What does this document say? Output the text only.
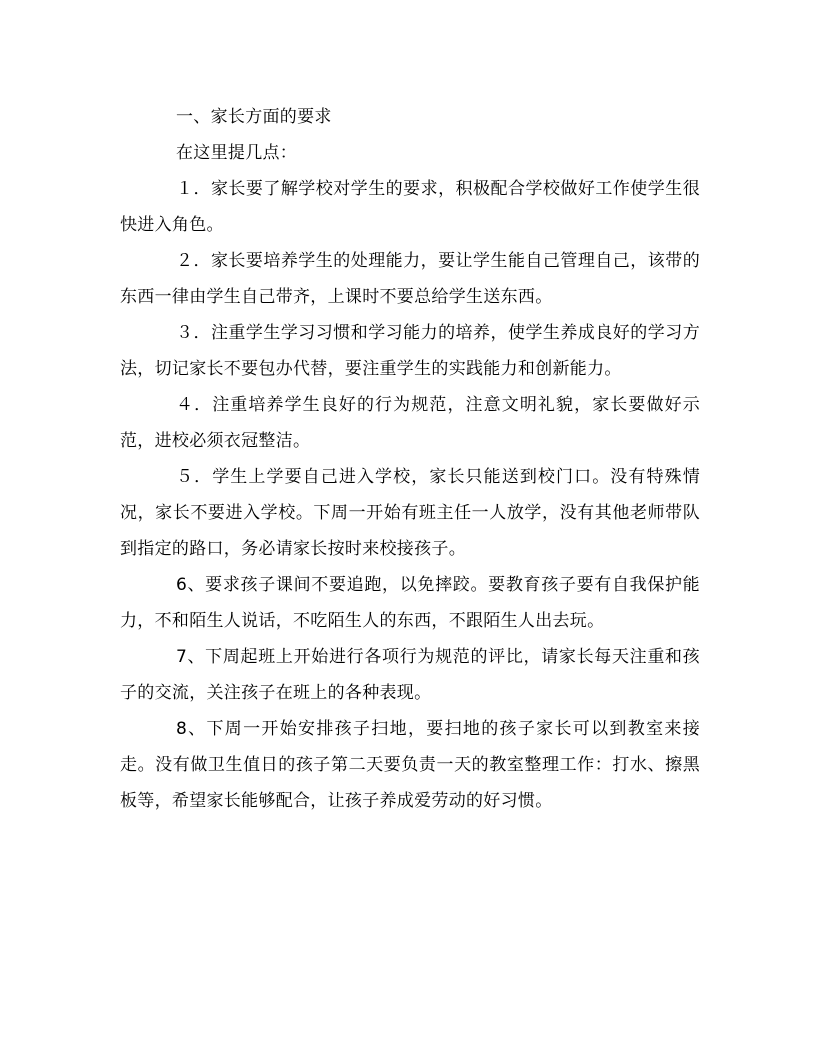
一、家长方面的要求

在这里提几点：

１．家长要了解学校对学生的要求，积极配合学校做好工作使学生很快进入角色。

２．家长要培养学生的处理能力，要让学生能自己管理自己，该带的东西一律由学生自己带齐，上课时不要总给学生送东西。

３．注重学生学习习惯和学习能力的培养，使学生养成良好的学习方法，切记家长不要包办代替，要注重学生的实践能力和创新能力。

４．注重培养学生良好的行为规范，注意文明礼貌，家长要做好示范，进校必须衣冠整洁。

５．学生上学要自己进入学校，家长只能送到校门口。没有特殊情况，家长不要进入学校。下周一开始有班主任一人放学，没有其他老师带队到指定的路口，务必请家长按时来校接孩子。

6、要求孩子课间不要追跑，以免摔跤。要教育孩子要有自我保护能力，不和陌生人说话，不吃陌生人的东西，不跟陌生人出去玩。

7、下周起班上开始进行各项行为规范的评比，请家长每天注重和孩子的交流，关注孩子在班上的各种表现。

8、下周一开始安排孩子扫地，要扫地的孩子家长可以到教室来接走。没有做卫生值日的孩子第二天要负责一天的教室整理工作：打水、擦黑板等，希望家长能够配合，让孩子养成爱劳动的好习惯。
